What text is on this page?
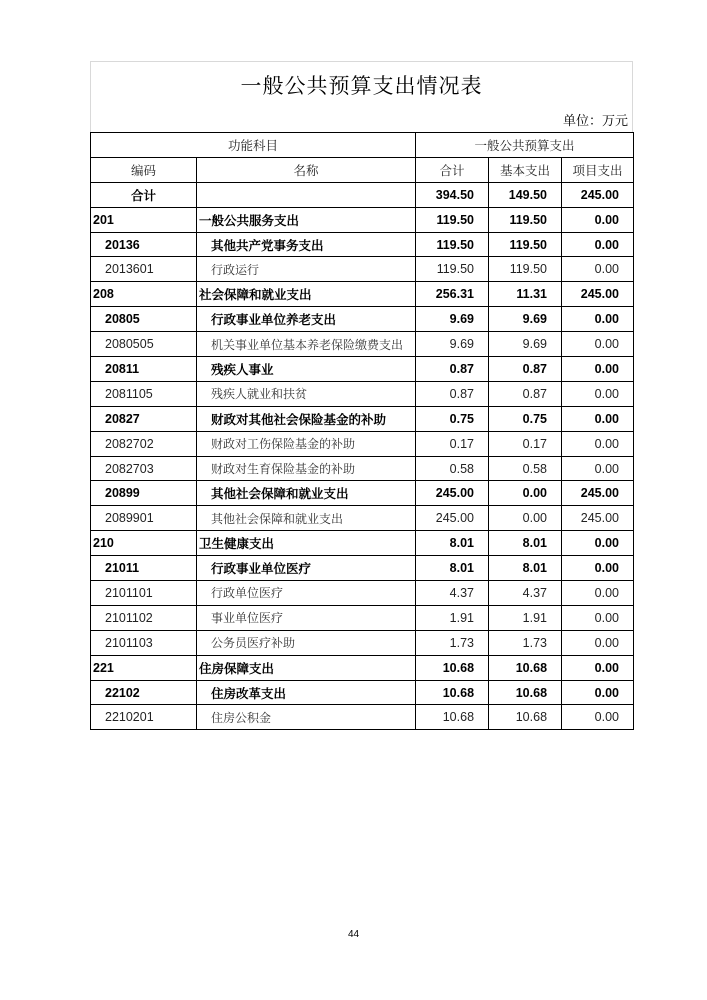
一般公共预算支出情况表
单位：万元
功能科目		一般公共预算支出		
编码	名称	合计	基本支出	项目支出
合计		394.50	149.50	245.00
201	一般公共服务支出	119.50	119.50	0.00
20136	其他共产党事务支出	119.50	119.50	0.00
2013601	行政运行	119.50	119.50	0.00
208	社会保障和就业支出	256.31	11.31	245.00
20805	行政事业单位养老支出	9.69	9.69	0.00
2080505	机关事业单位基本养老保险缴费支出	9.69	9.69	0.00
20811	残疾人事业	0.87	0.87	0.00
2081105	残疾人就业和扶贫	0.87	0.87	0.00
20827	财政对其他社会保险基金的补助	0.75	0.75	0.00
2082702	财政对工伤保险基金的补助	0.17	0.17	0.00
2082703	财政对生育保险基金的补助	0.58	0.58	0.00
20899	其他社会保障和就业支出	245.00	0.00	245.00
2089901	其他社会保障和就业支出	245.00	0.00	245.00
210	卫生健康支出	8.01	8.01	0.00
21011	行政事业单位医疗	8.01	8.01	0.00
2101101	行政单位医疗	4.37	4.37	0.00
2101102	事业单位医疗	1.91	1.91	0.00
2101103	公务员医疗补助	1.73	1.73	0.00
221	住房保障支出	10.68	10.68	0.00
22102	住房改革支出	10.68	10.68	0.00
2210201	住房公积金	10.68	10.68	0.00
44
